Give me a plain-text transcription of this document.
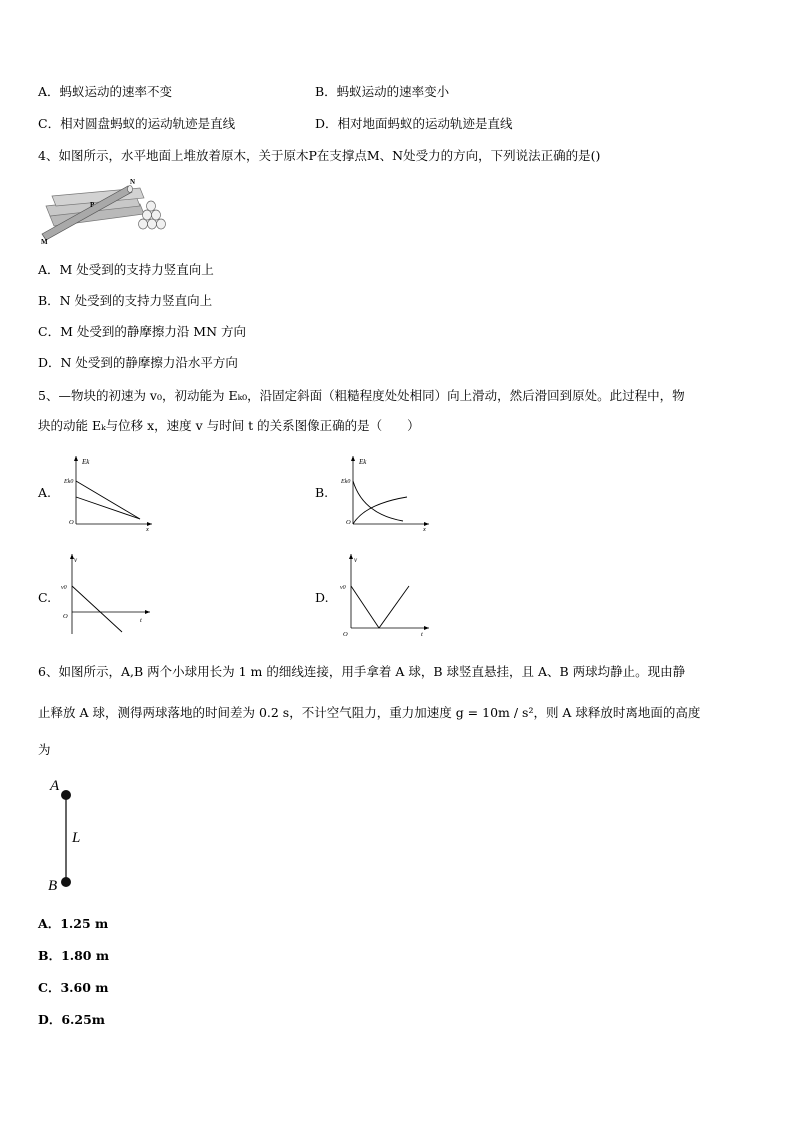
A．蚂蚁运动的速率不变	B．蚂蚁运动的速率变小
C．相对圆盘蚂蚁的运动轨迹是直线	D．相对地面蚂蚁的运动轨迹是直线
4、如图所示，水平地面上堆放着原木，关于原木P在支撑点M、N处受力的方向，下列说法正确的是()
M
N
P
A．M 处受到的支持力竖直向上
B．N 处受到的支持力竖直向上
C．M 处受到的静摩擦力沿 MN 方向
D．N 处受到的静摩擦力沿水平方向
5、—物块的初速为 v₀，初动能为 Eₖ₀，沿固定斜面（粗糙程度处处相同）向上滑动，然后滑回到原处。此过程中，物
块的动能 Eₖ与位移 x，速度 v 与时间 t 的关系图像正确的是（　　）
A.
Ek
Ek0
O
x
B.
Ek
Ek0
O
x
C.
v
v0
O
t
D.
v
v0
O	t
6、如图所示，A,B 两个小球用长为 1 m 的细线连接，用手拿着 A 球，B 球竖直悬挂，且 A、B 两球均静止。现由静
止释放 A 球，测得两球落地的时间差为 0.2 s，不计空气阻力，重力加速度 g = 10m / s²，则 A 球释放时离地面的高度
为
A
B
L
A．1.25 m
B．1.80 m
C．3.60 m
D．6.25m
